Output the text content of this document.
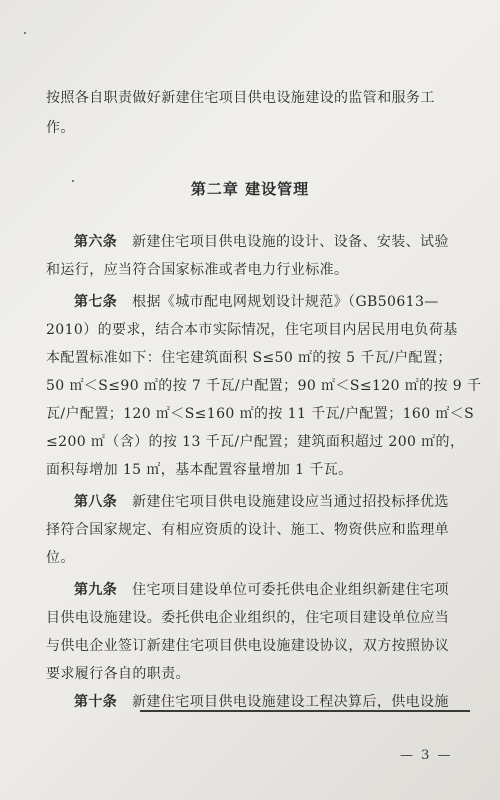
按照各自职责做好新建住宅项目供电设施建设的监管和服务工
作。
第二章 建设管理
第六条 新建住宅项目供电设施的设计、设备、安装、试验
和运行，应当符合国家标准或者电力行业标准。
第七条 根据《城市配电网规划设计规范》（GB50613—
2010）的要求，结合本市实际情况，住宅项目内居民用电负荷基
本配置标准如下：住宅建筑面积 S≤50 ㎡的按 5 千瓦/户配置；
50 ㎡＜S≤90 ㎡的按 7 千瓦/户配置；90 ㎡＜S≤120 ㎡的按 9 千
瓦/户配置；120 ㎡＜S≤160 ㎡的按 11 千瓦/户配置；160 ㎡＜S
≤200 ㎡（含）的按 13 千瓦/户配置；建筑面积超过 200 ㎡的，
面积每增加 15 ㎡，基本配置容量增加 1 千瓦。
第八条 新建住宅项目供电设施建设应当通过招投标择优选
择符合国家规定、有相应资质的设计、施工、物资供应和监理单
位。
第九条 住宅项目建设单位可委托供电企业组织新建住宅项
目供电设施建设。委托供电企业组织的，住宅项目建设单位应当
与供电企业签订新建住宅项目供电设施建设协议，双方按照协议
要求履行各自的职责。
第十条 新建住宅项目供电设施建设工程决算后，供电设施
— 3 —
